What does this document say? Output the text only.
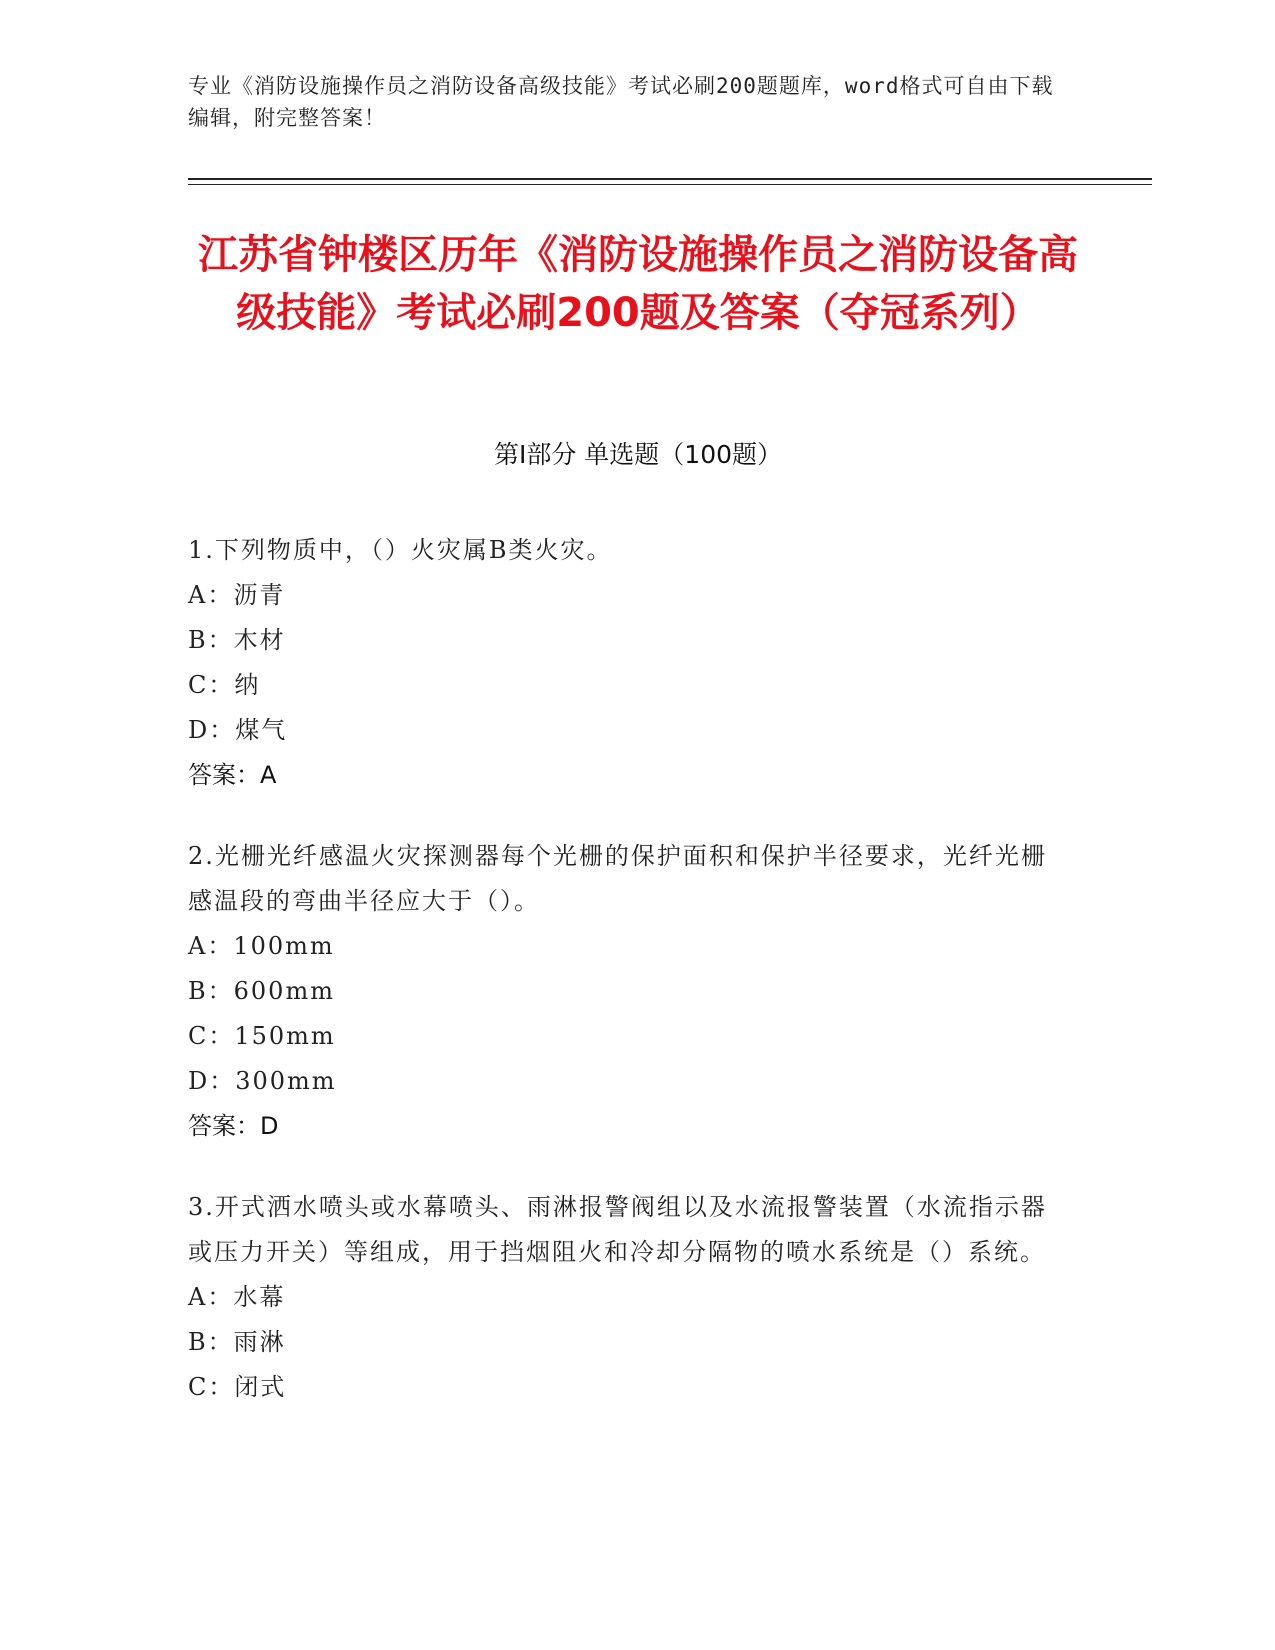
专业《消防设施操作员之消防设备高级技能》考试必刷200题题库，word格式可自由下载编辑，附完整答案！
江苏省钟楼区历年《消防设施操作员之消防设备高级技能》考试必刷200题及答案（夺冠系列）
第Ⅰ部分 单选题（100题）
1.下列物质中，（）火灾属B类火灾。
A：沥青
B：木材
C：纳
D：煤气
答案：A
2.光栅光纤感温火灾探测器每个光栅的保护面积和保护半径要求，光纤光栅感温段的弯曲半径应大于（）。
A：100mm
B：600mm
C：150mm
D：300mm
答案：D
3.开式洒水喷头或水幕喷头、雨淋报警阀组以及水流报警装置（水流指示器或压力开关）等组成，用于挡烟阻火和冷却分隔物的喷水系统是（）系统。
A：水幕
B：雨淋
C：闭式
